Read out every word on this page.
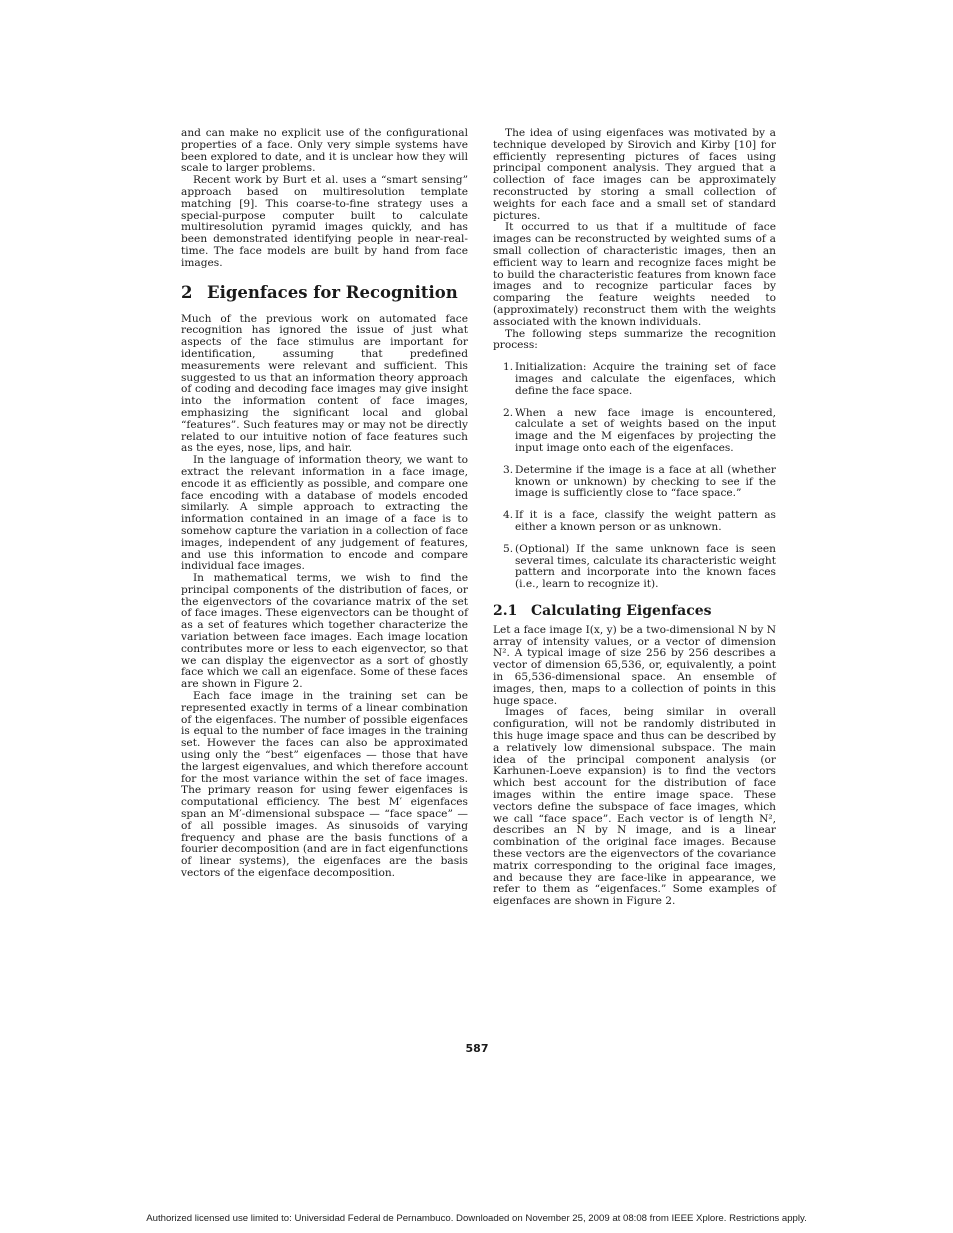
and can make no explicit use of the configurational properties of a face. Only very simple systems have been explored to date, and it is unclear how they will scale to larger problems.

Recent work by Burt et al. uses a “smart sensing” approach based on multiresolution template matching [9]. This coarse-to-fine strategy uses a special-purpose computer built to calculate multiresolution pyramid images quickly, and has been demonstrated identifying people in near-real-time. The face models are built by hand from face images.

2 Eigenfaces for Recognition

Much of the previous work on automated face recognition has ignored the issue of just what aspects of the face stimulus are important for identification, assuming that predefined measurements were relevant and sufficient. This suggested to us that an information theory approach of coding and decoding face images may give insight into the information content of face images, emphasizing the significant local and global “features”. Such features may or may not be directly related to our intuitive notion of face features such as the eyes, nose, lips, and hair.

In the language of information theory, we want to extract the relevant information in a face image, encode it as efficiently as possible, and compare one face encoding with a database of models encoded similarly. A simple approach to extracting the information contained in an image of a face is to somehow capture the variation in a collection of face images, independent of any judgement of features, and use this information to encode and compare individual face images.

In mathematical terms, we wish to find the principal components of the distribution of faces, or the eigenvectors of the covariance matrix of the set of face images. These eigenvectors can be thought of as a set of features which together characterize the variation between face images. Each image location contributes more or less to each eigenvector, so that we can display the eigenvector as a sort of ghostly face which we call an eigenface. Some of these faces are shown in Figure 2.

Each face image in the training set can be represented exactly in terms of a linear combination of the eigenfaces. The number of possible eigenfaces is equal to the number of face images in the training set. However the faces can also be approximated using only the “best” eigenfaces — those that have the largest eigenvalues, and which therefore account for the most variance within the set of face images. The primary reason for using fewer eigenfaces is computational efficiency. The best M′ eigenfaces span an M′-dimensional subspace — “face space” — of all possible images. As sinusoids of varying frequency and phase are the basis functions of a fourier decomposition (and are in fact eigenfunctions of linear systems), the eigenfaces are the basis vectors of the eigenface decomposition.

The idea of using eigenfaces was motivated by a technique developed by Sirovich and Kirby [10] for efficiently representing pictures of faces using principal component analysis. They argued that a collection of face images can be approximately reconstructed by storing a small collection of weights for each face and a small set of standard pictures.

It occurred to us that if a multitude of face images can be reconstructed by weighted sums of a small collection of characteristic images, then an efficient way to learn and recognize faces might be to build the characteristic features from known face images and to recognize particular faces by comparing the feature weights needed to (approximately) reconstruct them with the weights associated with the known individuals.

The following steps summarize the recognition process:

1. Initialization: Acquire the training set of face images and calculate the eigenfaces, which define the face space.
2. When a new face image is encountered, calculate a set of weights based on the input image and the M eigenfaces by projecting the input image onto each of the eigenfaces.
3. Determine if the image is a face at all (whether known or unknown) by checking to see if the image is sufficiently close to “face space.”
4. If it is a face, classify the weight pattern as either a known person or as unknown.
5. (Optional) If the same unknown face is seen several times, calculate its characteristic weight pattern and incorporate into the known faces (i.e., learn to recognize it).
2.1 Calculating Eigenfaces

Let a face image I(x, y) be a two-dimensional N by N array of intensity values, or a vector of dimension N². A typical image of size 256 by 256 describes a vector of dimension 65,536, or, equivalently, a point in 65,536-dimensional space. An ensemble of images, then, maps to a collection of points in this huge space.

Images of faces, being similar in overall configuration, will not be randomly distributed in this huge image space and thus can be described by a relatively low dimensional subspace. The main idea of the principal component analysis (or Karhunen-Loeve expansion) is to find the vectors which best account for the distribution of face images within the entire image space. These vectors define the subspace of face images, which we call “face space”. Each vector is of length N², describes an N by N image, and is a linear combination of the original face images. Because these vectors are the eigenvectors of the covariance matrix corresponding to the original face images, and because they are face-like in appearance, we refer to them as “eigenfaces.” Some examples of eigenfaces are shown in Figure 2.

587
Authorized licensed use limited to: Universidad Federal de Pernambuco. Downloaded on November 25, 2009 at 08:08 from IEEE Xplore. Restrictions apply.
